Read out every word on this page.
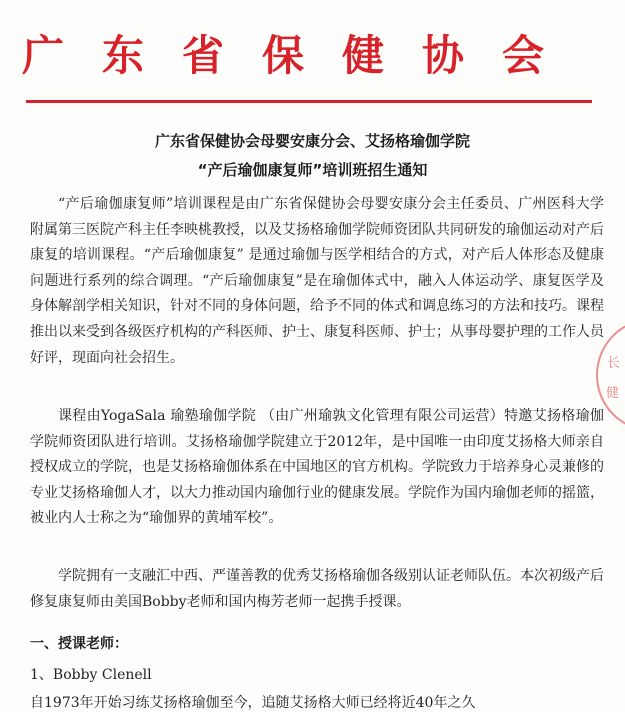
广东省保健协会
广东省保健协会母婴安康分会、艾扬格瑜伽学院
“产后瑜伽康复师”培训班招生通知
“产后瑜伽康复师”培训课程是由广东省保健协会母婴安康分会主任委员、广州医科大学附属第三医院产科主任李映桃教授，以及艾扬格瑜伽学院师资团队共同研发的瑜伽运动对产后康复的培训课程。“产后瑜伽康复” 是通过瑜伽与医学相结合的方式，对产后人体形态及健康问题进行系列的综合调理。“产后瑜伽康复”是在瑜伽体式中，融入人体运动学、康复医学及身体解剖学相关知识，针对不同的身体问题，给予不同的体式和调息练习的方法和技巧。课程推出以来受到各级医疗机构的产科医师、护士、康复科医师、护士；从事母婴护理的工作人员好评，现面向社会招生。
课程由YogaSala 瑜塾瑜伽学院 （由广州瑜孰文化管理有限公司运营）特邀艾扬格瑜伽学院师资团队进行培训。艾扬格瑜伽学院建立于2012年，是中国唯一由印度艾扬格大师亲自授权成立的学院，也是艾扬格瑜伽体系在中国地区的官方机构。学院致力于培养身心灵兼修的专业艾扬格瑜伽人才，以大力推动国内瑜伽行业的健康发展。学院作为国内瑜伽老师的摇篮，被业内人士称之为“瑜伽界的黄埔军校”。
学院拥有一支融汇中西、严谨善教的优秀艾扬格瑜伽各级别认证老师队伍。本次初级产后修复康复师由美国Bobby老师和国内梅芳老师一起携手授课。
一、授课老师：
1、Bobby Clenell
自1973年开始习练艾扬格瑜伽至今，追随艾扬格大师已经将近40年之久
长
健
